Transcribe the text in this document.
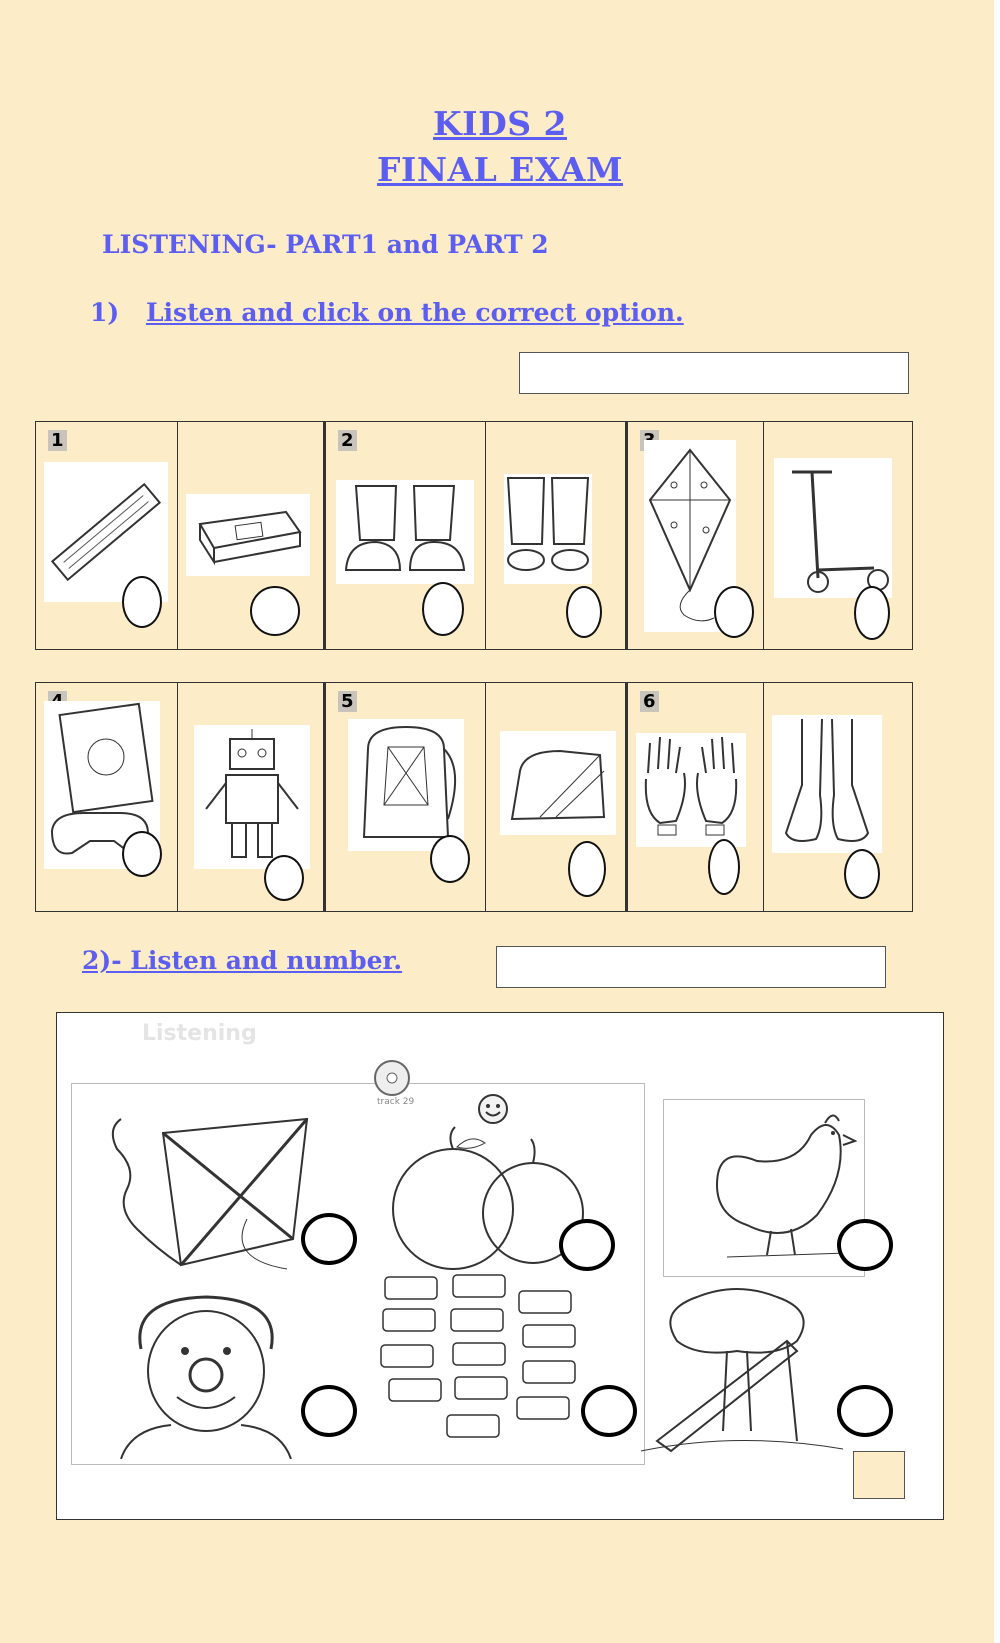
KIDS 2
FINAL EXAM
LISTENING- PART1 and PART 2
1) Listen and click on the correct option.
1	2
5	6
2)- Listen and number.
Listening
track 29
